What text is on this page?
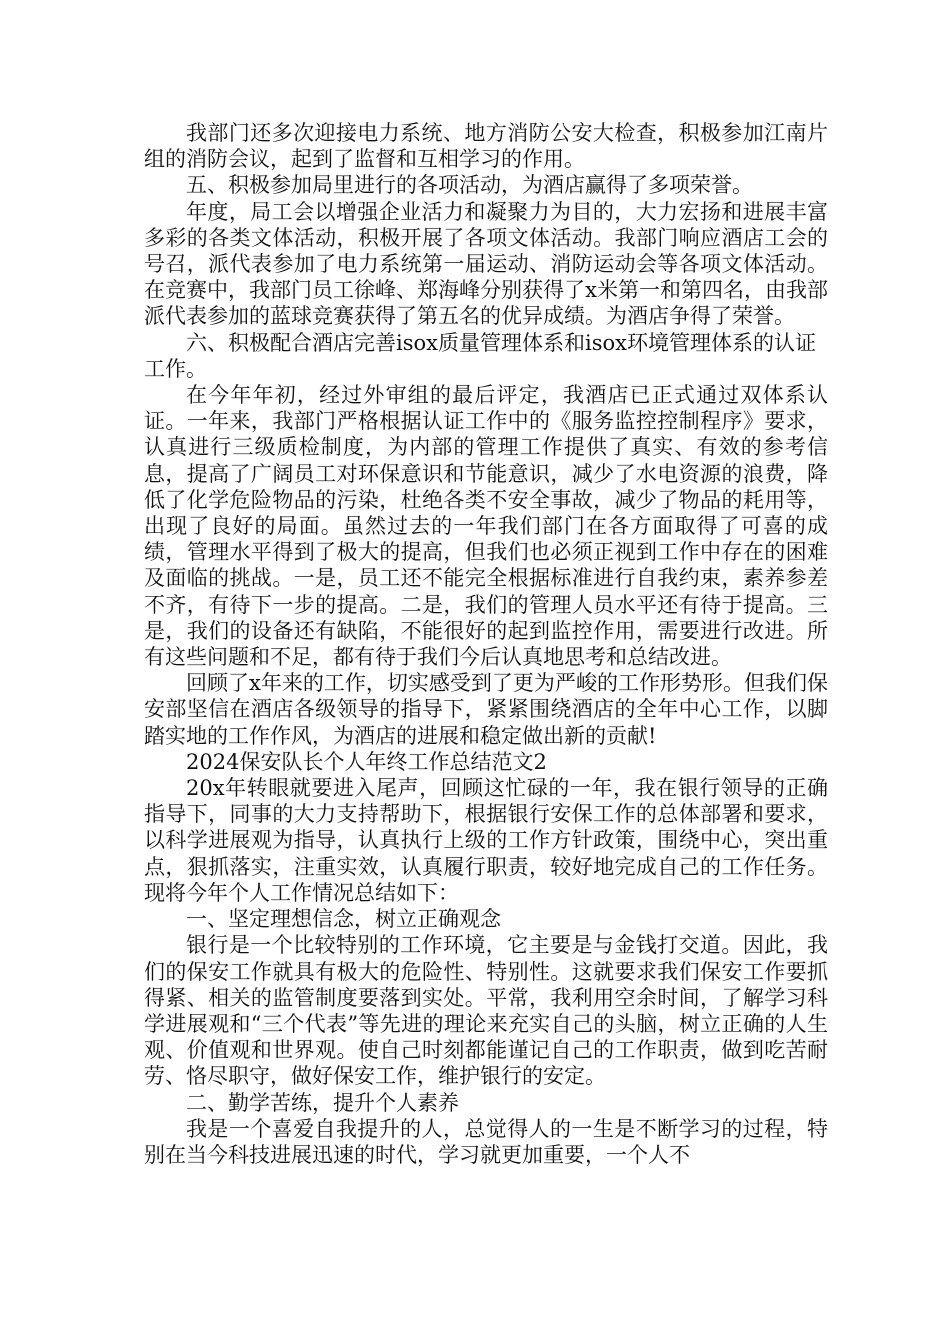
我部门还多次迎接电力系统、地方消防公安大检查，积极参加江南片组的消防会议，起到了监督和互相学习的作用。

五、积极参加局里进行的各项活动，为酒店赢得了多项荣誉。

年度，局工会以增强企业活力和凝聚力为目的，大力宏扬和进展丰富多彩的各类文体活动，积极开展了各项文体活动。我部门响应酒店工会的号召，派代表参加了电力系统第一届运动、消防运动会等各项文体活动。在竞赛中，我部门员工徐峰、郑海峰分别获得了x米第一和第四名，由我部派代表参加的蓝球竞赛获得了第五名的优异成绩。为酒店争得了荣誉。

六、积极配合酒店完善isox质量管理体系和isox环境管理体系的认证工作。

在今年年初，经过外审组的最后评定，我酒店已正式通过双体系认证。一年来，我部门严格根据认证工作中的《服务监控控制程序》要求，认真进行三级质检制度，为内部的管理工作提供了真实、有效的参考信息，提高了广阔员工对环保意识和节能意识，减少了水电资源的浪费，降低了化学危险物品的污染，杜绝各类不安全事故，减少了物品的耗用等，出现了良好的局面。虽然过去的一年我们部门在各方面取得了可喜的成绩，管理水平得到了极大的提高，但我们也必须正视到工作中存在的困难及面临的挑战。一是，员工还不能完全根据标准进行自我约束，素养参差不齐，有待下一步的提高。二是，我们的管理人员水平还有待于提高。三是，我们的设备还有缺陷，不能很好的起到监控作用，需要进行改进。所有这些问题和不足，都有待于我们今后认真地思考和总结改进。

回顾了x年来的工作，切实感受到了更为严峻的工作形势形。但我们保安部坚信在酒店各级领导的指导下，紧紧围绕酒店的全年中心工作，以脚踏实地的工作作风，为酒店的进展和稳定做出新的贡献!

2024保安队长个人年终工作总结范文2

20x年转眼就要进入尾声，回顾这忙碌的一年，我在银行领导的正确指导下，同事的大力支持帮助下，根据银行安保工作的总体部署和要求，以科学进展观为指导，认真执行上级的工作方针政策，围绕中心，突出重点，狠抓落实，注重实效，认真履行职责，较好地完成自己的工作任务。现将今年个人工作情况总结如下：

一、坚定理想信念，树立正确观念

银行是一个比较特别的工作环境，它主要是与金钱打交道。因此，我们的保安工作就具有极大的危险性、特别性。这就要求我们保安工作要抓得紧、相关的监管制度要落到实处。平常，我利用空余时间，了解学习科学进展观和“三个代表”等先进的理论来充实自己的头脑，树立正确的人生观、价值观和世界观。使自己时刻都能谨记自己的工作职责，做到吃苦耐劳、恪尽职守，做好保安工作，维护银行的安定。

二、勤学苦练，提升个人素养

我是一个喜爱自我提升的人，总觉得人的一生是不断学习的过程，特别在当今科技进展迅速的时代，学习就更加重要，一个人不
